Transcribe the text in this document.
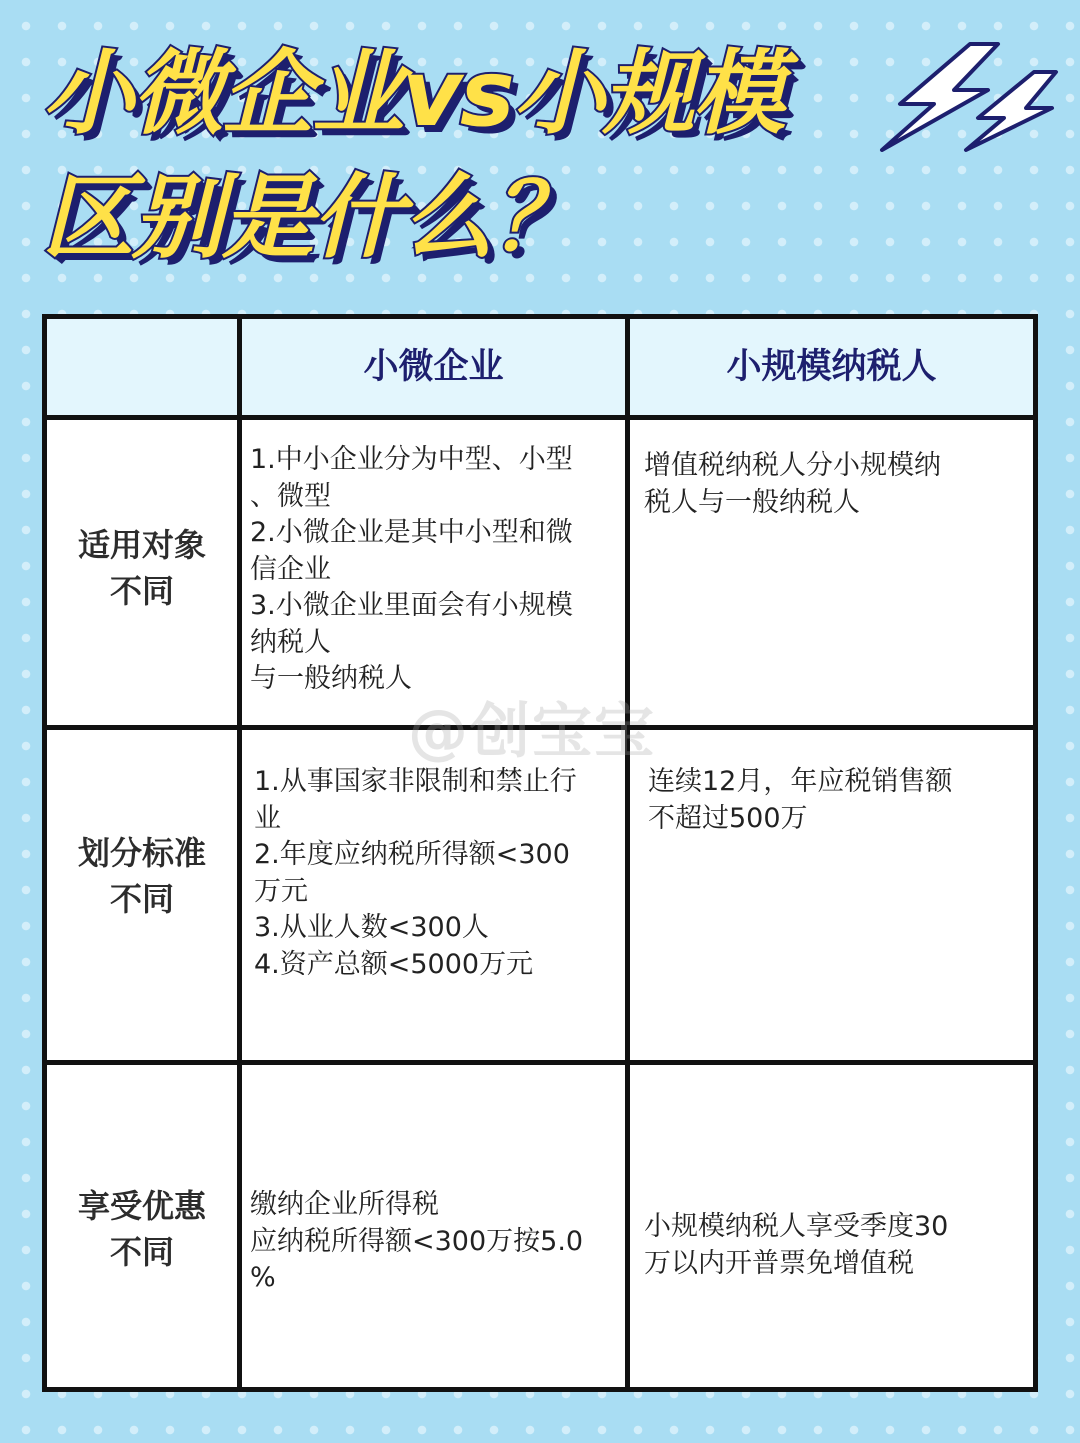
小微企业vs小规模
区别是什么？
小微企业	小规模纳税人
适用对象
不同
1.中小企业分为中型、小型
、微型
2.小微企业是其中小型和微
信企业
3.小微企业里面会有小规模
纳税人
与一般纳税人
增值税纳税人分小规模纳
税人与一般纳税人
划分标准
不同
1.从事国家非限制和禁止行
业
2.年度应纳税所得额<300
万元
3.从业人数<300人
4.资产总额<5000万元
连续12月，年应税销售额
不超过500万
享受优惠
不同
缴纳企业所得税
应纳税所得额<300万按5.0
%
小规模纳税人享受季度30
万以内开普票免增值税
@创宝宝
